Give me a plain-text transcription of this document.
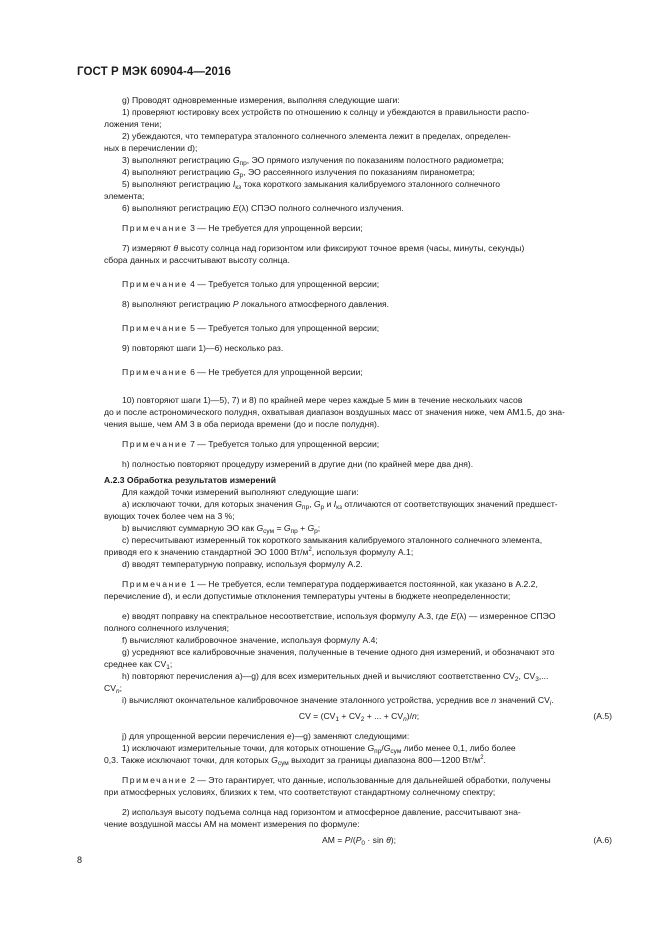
ГОСТ Р МЭК 60904-4—2016

g) Проводят одновременные измерения, выполняя следующие шаги:

1) проверяют юстировку всех устройств по отношению к солнцу и убеждаются в правильности распо-

ложения тени;

2) убеждаются, что температура эталонного солнечного элемента лежит в пределах, определен-

ных в перечислении d);

3) выполняют регистрацию $G_{пр}$, ЭО прямого излучения по показаниям полостного радиометра;

4) выполняют регистрацию $G_р$, ЭО рассеянного излучения по показаниям пиранометра;

5) выполняют регистрацию $I_{кз}$ тока короткого замыкания калибруемого эталонного солнечного

элемента;

6) выполняют регистрацию E(λ) СПЭО полного солнечного излучения.

Примечание 3 — Не требуется для упрощенной версии;

7) измеряют θ высоту солнца над горизонтом или фиксируют точное время (часы, минуты, секунды)

сбора данных и рассчитывают высоту солнца.

Примечание 4 — Требуется только для упрощенной версии;

8) выполняют регистрацию P локального атмосферного давления.

Примечание 5 — Требуется только для упрощенной версии;

9) повторяют шаги 1)—6) несколько раз.

Примечание 6 — Не требуется для упрощенной версии;

10) повторяют шаги 1)—5), 7) и 8) по крайней мере через каждые 5 мин в течение нескольких часов

до и после астрономического полудня, охватывая диапазон воздушных масс от значения ниже, чем AM1.5, до зна-

чения выше, чем АМ 3 в оба периода времени (до и после полудня).

Примечание 7 — Требуется только для упрощенной версии;

h) полностью повторяют процедуру измерений в другие дни (по крайней мере два дня).

А.2.3 Обработка результатов измерений

Для каждой точки измерений выполняют следующие шаги:

a) исключают точки, для которых значения $G_{пр}$, $G_р$ и $I_{кз}$ отличаются от соответствующих значений предшест-

вующих точек более чем на 3 %;

b) вычисляют суммарную ЭО как $G_{сум} = G_{пр} + G_р$;

c) пересчитывают измеренный ток короткого замыкания калибруемого эталонного солнечного элемента,

приводя его к значению стандартной ЭО 1000 $Вт/м^2$, используя формулу А.1;

d) вводят температурную поправку, используя формулу А.2.

Примечание 1 — Не требуется, если температура поддерживается постоянной, как указано в А.2.2,

перечисление d), и если допустимые отклонения температуры учтены в бюджете неопределенности;

e) вводят поправку на спектральное несоответствие, используя формулу А.3, где E(λ) — измеренное СПЭО

полного солнечного излучения;

f) вычисляют калибровочное значение, используя формулу А.4;

g) усредняют все калибровочные значения, полученные в течение одного дня измерений, и обозначают это

среднее как $CV_1$;

h) повторяют перечисления a)—g) для всех измерительных дней и вычисляют соответственно $CV_2$, $CV_3$,...

$CV_n$;

i) вычисляют окончательное калибровочное значение эталонного устройства, усреднив все n значений $CV_i$.

CV = ($CV_1 + CV_2$ + ... + $CV_n)/n$;	(А.5)

j) для упрощенной версии перечисления e)—g) заменяют следующими:

1) исключают измерительные точки, для которых отношение $G_{пр}/G_{сум}$ либо менее 0,1, либо более

0,3. Также исключают точки, для которых $G_{сум}$ выходит за границы диапазона 800—1200 $Вт/м^2$.

Примечание 2 — Это гарантирует, что данные, использованные для дальнейшей обработки, получены

при атмосферных условиях, близких к тем, что соответствуют стандартному солнечному спектру;

2) используя высоту подъема солнца над горизонтом и атмосферное давление, рассчитывают зна-

чение воздушной массы АМ на момент измерения по формуле:

AM = $P/(P_0 \cdot \sin \theta)$;	(А.6)

8
